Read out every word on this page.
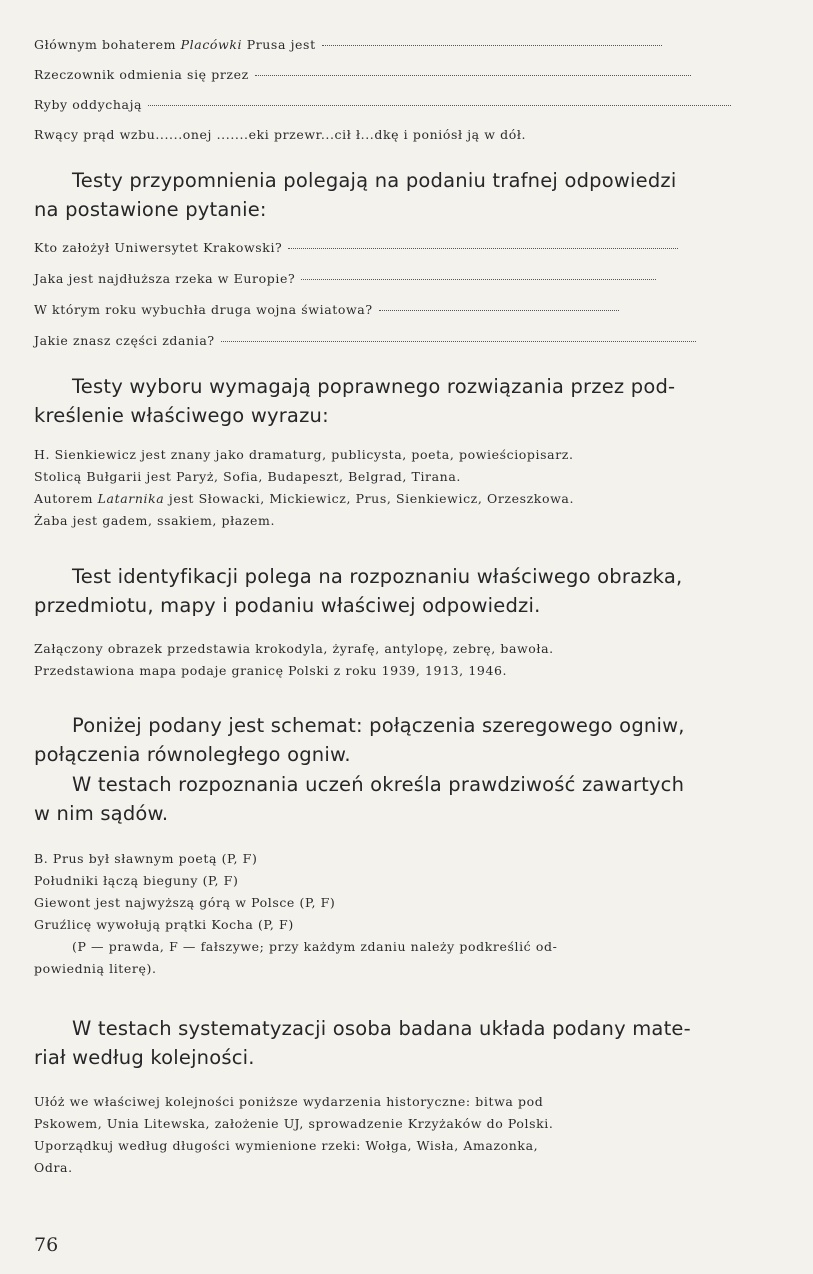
Głównym bohaterem Placówki Prusa jest
Rzeczownik odmienia się przez
Ryby oddychają
Rwący prąd wzbu......onej .......eki przewr...cił ł...dkę i poniósł ją w dół.
Testy przypomnienia polegają na podaniu trafnej odpowiedzi
na postawione pytanie:
Kto założył Uniwersytet Krakowski?
Jaka jest najdłuższa rzeka w Europie?
W którym roku wybuchła druga wojna światowa?
Jakie znasz części zdania?
Testy wyboru wymagają poprawnego rozwiązania przez pod-
kreślenie właściwego wyrazu:
H. Sienkiewicz jest znany jako dramaturg, publicysta, poeta, powieściopisarz.
Stolicą Bułgarii jest Paryż, Sofia, Budapeszt, Belgrad, Tirana.
Autorem Latarnika jest Słowacki, Mickiewicz, Prus, Sienkiewicz, Orzeszkowa.
Żaba jest gadem, ssakiem, płazem.
Test identyfikacji polega na rozpoznaniu właściwego obrazka,
przedmiotu, mapy i podaniu właściwej odpowiedzi.
Załączony obrazek przedstawia krokodyla, żyrafę, antylopę, zebrę, bawoła.
Przedstawiona mapa podaje granicę Polski z roku 1939, 1913, 1946.
Poniżej podany jest schemat: połączenia szeregowego ogniw,
połączenia równoległego ogniw.
W testach rozpoznania uczeń określa prawdziwość zawartych
w nim sądów.
B. Prus był sławnym poetą (P, F)
Południki łączą bieguny (P, F)
Giewont jest najwyższą górą w Polsce (P, F)
Gruźlicę wywołują prątki Kocha (P, F)
(P — prawda, F — fałszywe; przy każdym zdaniu należy podkreślić od-
powiednią literę).
W testach systematyzacji osoba badana układa podany mate-
riał według kolejności.
Ułóż we właściwej kolejności poniższe wydarzenia historyczne: bitwa pod
Pskowem, Unia Litewska, założenie UJ, sprowadzenie Krzyżaków do Polski.
Uporządkuj według długości wymienione rzeki: Wołga, Wisła, Amazonka,
Odra.
76
